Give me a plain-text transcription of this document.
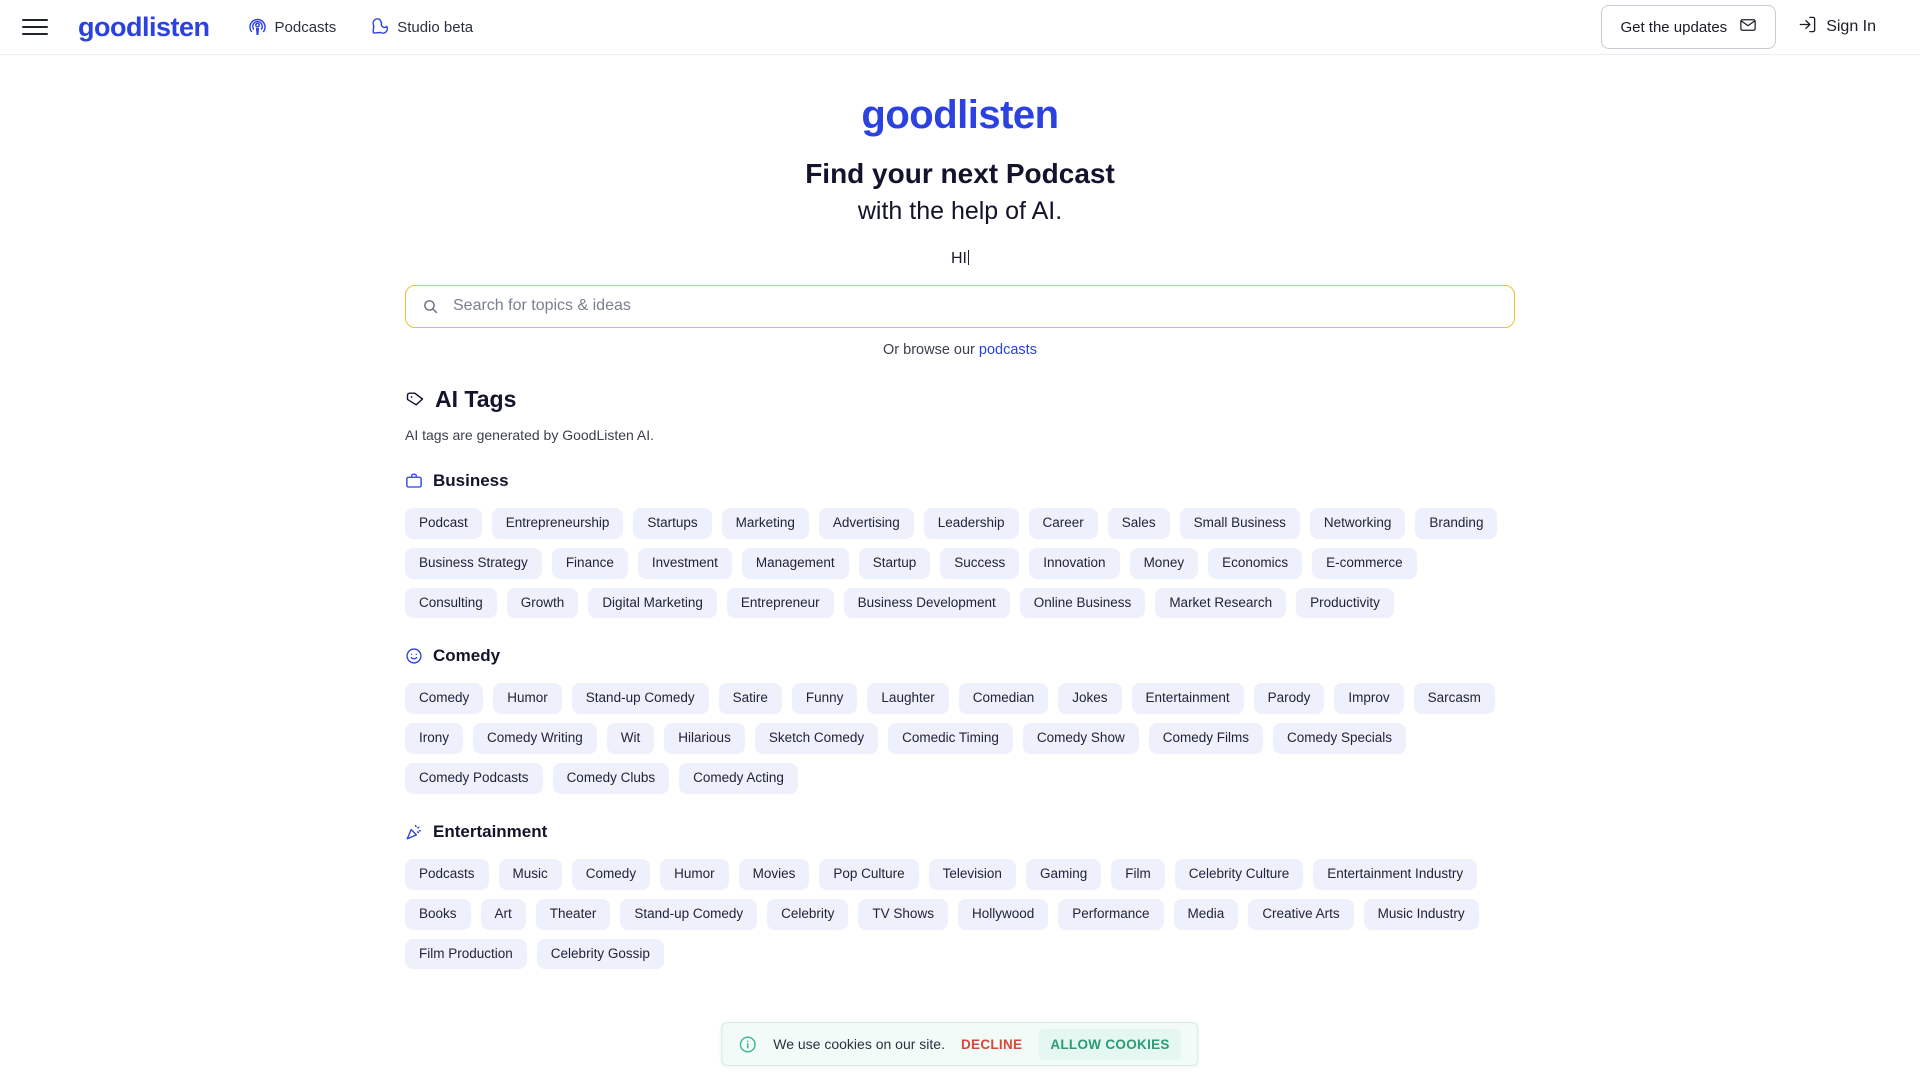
goodlisten	Podcasts	Studio beta	Get the updates	Sign In
goodlisten
Find your next Podcast
with the help of AI.
HI
Search for topics & ideas
Or browse our podcasts
AI Tags
AI tags are generated by GoodListen AI.
Business
Podcast	Entrepreneurship	Startups	Marketing	Advertising	Leadership	Career	Sales	Small Business	Networking	Branding
Business Strategy	Finance	Investment	Management	Startup	Success	Innovation	Money	Economics	E-commerce
Consulting	Growth	Digital Marketing	Entrepreneur	Business Development	Online Business	Market Research	Productivity
Comedy
Comedy	Humor	Stand-up Comedy	Satire	Funny	Laughter	Comedian	Jokes	Entertainment	Parody	Improv	Sarcasm
Irony	Comedy Writing	Wit	Hilarious	Sketch Comedy	Comedic Timing	Comedy Show	Comedy Films	Comedy Specials
Comedy Podcasts	Comedy Clubs	Comedy Acting
Entertainment
Podcasts	Music	Comedy	Humor	Movies	Pop Culture	Television	Gaming	Film	Celebrity Culture	Entertainment Industry
Books	Art	Theater	Stand-up Comedy	Celebrity	TV Shows	Hollywood	Performance	Media	Creative Arts	Music Industry
Film Production	Celebrity Gossip
We use cookies on our site. DECLINE	ALLOW COOKIES
